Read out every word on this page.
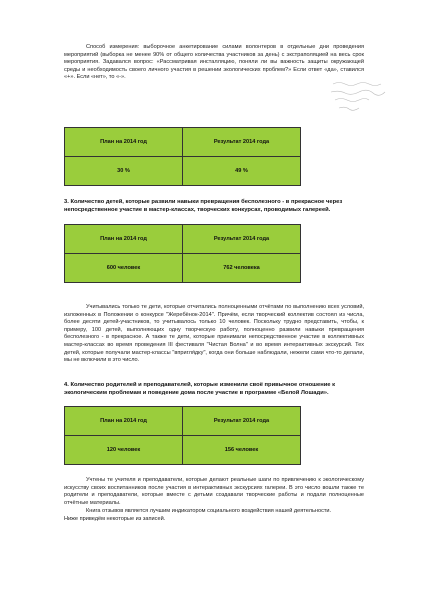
Способ измерения: выборочное анкетирование силами волонтеров в отдельные дни проведения мероприятий (выборка не менее 90% от общего количества участников за день) с экстраполяцией на весь срок мероприятия. Задавался вопрос: «Рассматривая инсталляцию, поняли ли вы важность защиты окружающей среды и необходимость своего личного участия в решении экологических проблем?» Если ответ «да», ставился «+». Если «нет», то «-».
План на 2014 год	Результат 2014 года
30 %	49 %
3. Количество детей, которые развили навыки превращения бесполезного - в прекрасное через непосредственное участие в мастер-классах, творческих конкурсах, проводимых галереей.
План на 2014 год	Результат 2014 года
600 человек	762 человека
Учитывались только те дети, которые отчитались полноценными отчётами по выполнению всех условий, изложенных в Положении о конкурсе "Жеребёнок-2014". Причём, если творческий коллектив состоял из числа, более десяти детей-участников, то учитывалось только 10 человек. Поскольку трудно представить, чтобы, к примеру, 100 детей, выполняющих одну творческую работу, полноценно развили навыки превращения бесполезного - в прекрасное. А также те дети, которые принимали непосредственное участие в коллективных мастер-классах во время проведения III фестиваля "Чистая Волна" и во время интерактивных экскурсий. Тех детей, которые получали мастер-классы "впригля́дку", когда они больше наблюдали, нежели сами что-то делали, мы не включили в это число.
4. Количество родителей и преподавателей, которые изменили своё привычное отношение к экологическим проблемам и поведение дома после участие в программе «Белой Лошади».
План на 2014 год	Результат 2014 года
120 человек	156 человек
Учтены те учителя и преподаватели, которые делают реальные шаги по привлечению к экологическому искусству своих воспитанников после участия в интерактивных экскурсиях галереи. В это число вошли также те родители и преподаватели, которые вместе с детьми создавали творческие работы и подали полноценные отчётные материалы.
Книга отзывов является лучшим индикатором социального воздействия нашей деятельности.
Ниже приведём некоторые из записей.
